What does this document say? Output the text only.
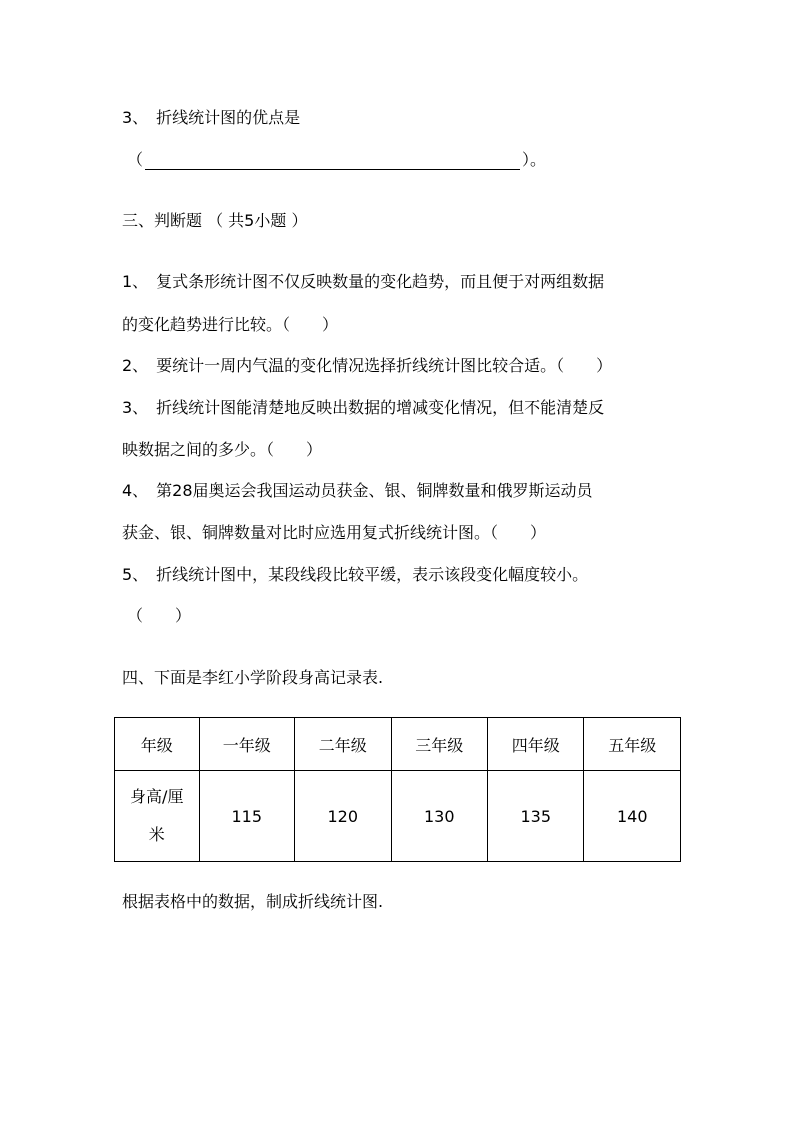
3、　折线统计图的优点是
（	）。
三、判断题 （ 共5小题 ）
1、　复式条形统计图不仅反映数量的变化趋势，而且便于对两组数据
的变化趋势进行比较。（　　）
2、　要统计一周内气温的变化情况选择折线统计图比较合适。（　　）
3、　折线统计图能清楚地反映出数据的增减变化情况，但不能清楚反
映数据之间的多少。（　　）
4、　第28届奥运会我国运动员获金、银、铜牌数量和俄罗斯运动员
获金、银、铜牌数量对比时应选用复式折线统计图。（　　）
5、　折线统计图中，某段线段比较平缓，表示该段变化幅度较小。
（　　）
四、下面是李红小学阶段身高记录表.
年级	一年级	二年级	三年级	四年级	五年级
身高/厘
米	115	120	130	135	140
根据表格中的数据，制成折线统计图.
